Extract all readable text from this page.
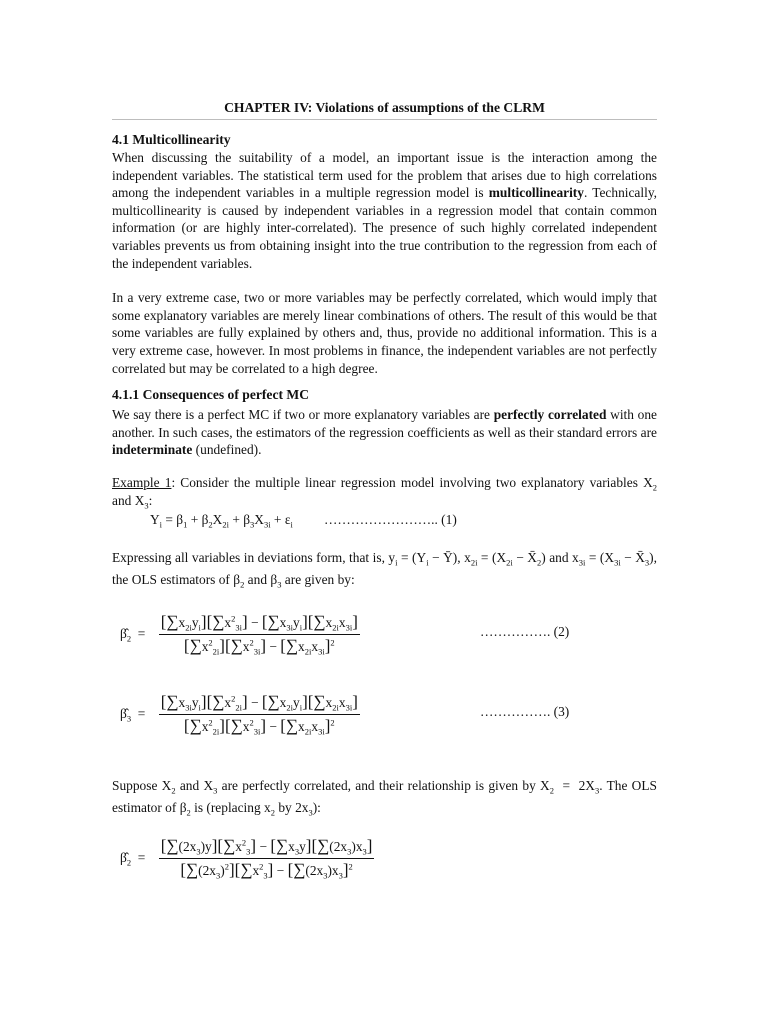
CHAPTER IV: Violations of assumptions of the CLRM
4.1 Multicollinearity

When discussing the suitability of a model, an important issue is the interaction among the independent variables. The statistical term used for the problem that arises due to high correlations among the independent variables in a multiple regression model is multicollinearity. Technically, multicollinearity is caused by independent variables in a regression model that contain common information (or are highly inter-correlated). The presence of such highly correlated independent variables prevents us from obtaining insight into the true contribution to the regression from each of the independent variables.

In a very extreme case, two or more variables may be perfectly correlated, which would imply that some explanatory variables are merely linear combinations of others. The result of this would be that some variables are fully explained by others and, thus, provide no additional information. This is a very extreme case, however. In most problems in finance, the independent variables are not perfectly correlated but may be correlated to a high degree.

4.1.1 Consequences of perfect MC

We say there is a perfect MC if two or more explanatory variables are perfectly correlated with one another. In such cases, the estimators of the regression coefficients as well as their standard errors are indeterminate (undefined).

Example 1: Consider the multiple linear regression model involving two explanatory variables $X_2$ and $X_3$:

$Y_i = \beta_1 + \beta_2X_{2i} + \beta_3X_{3i} + \varepsilon_i$ …………………….. (1)

Expressing all variables in deviations form, that is, $y_i = (Y_i$ − Ȳ), $x_{2i} = (X_{2i}$ − $X̄_2$) and $x_{3i} = (X_{3i}$ − $X̄_3$), the OLS estimators of $\beta_2$ and $\beta_3$ are given by:

$\betâ_2 = \frac{[\sum x_{2i}y_i][\sum x^2_{3i}] - [\sum x_{3i}y_i][\sum x_{2i}x_{3i}]}{[\sum x^2_{2i}][\sum x^2_{3i}] - [\sum x_{2i}x_{3i}]^2}$	……………. (2)
$\betâ_3 = \frac{[\sum x_{3i}y_i][\sum x^2_{2i}] - [\sum x_{2i}y_i][\sum x_{2i}x_{3i}]}{[\sum x^2_{2i}][\sum x^2_{3i}] - [\sum x_{2i}x_{3i}]^2}$	……………. (3)

Suppose $X_2$ and $X_3$ are perfectly correlated, and their relationship is given by $X_2 = 2X_3$. The OLS estimator of $\beta_2$ is (replacing $x_2$ by $2x_3$):

$\betâ_2 = \frac{[\sum(2x_3)y][\sum x^2_3] - [\sum x_3y][\sum(2x_3)x_3]}{[\sum(2x_3)^2][\sum x^2_3] - [\sum(2x_3)x_3]^2}$
